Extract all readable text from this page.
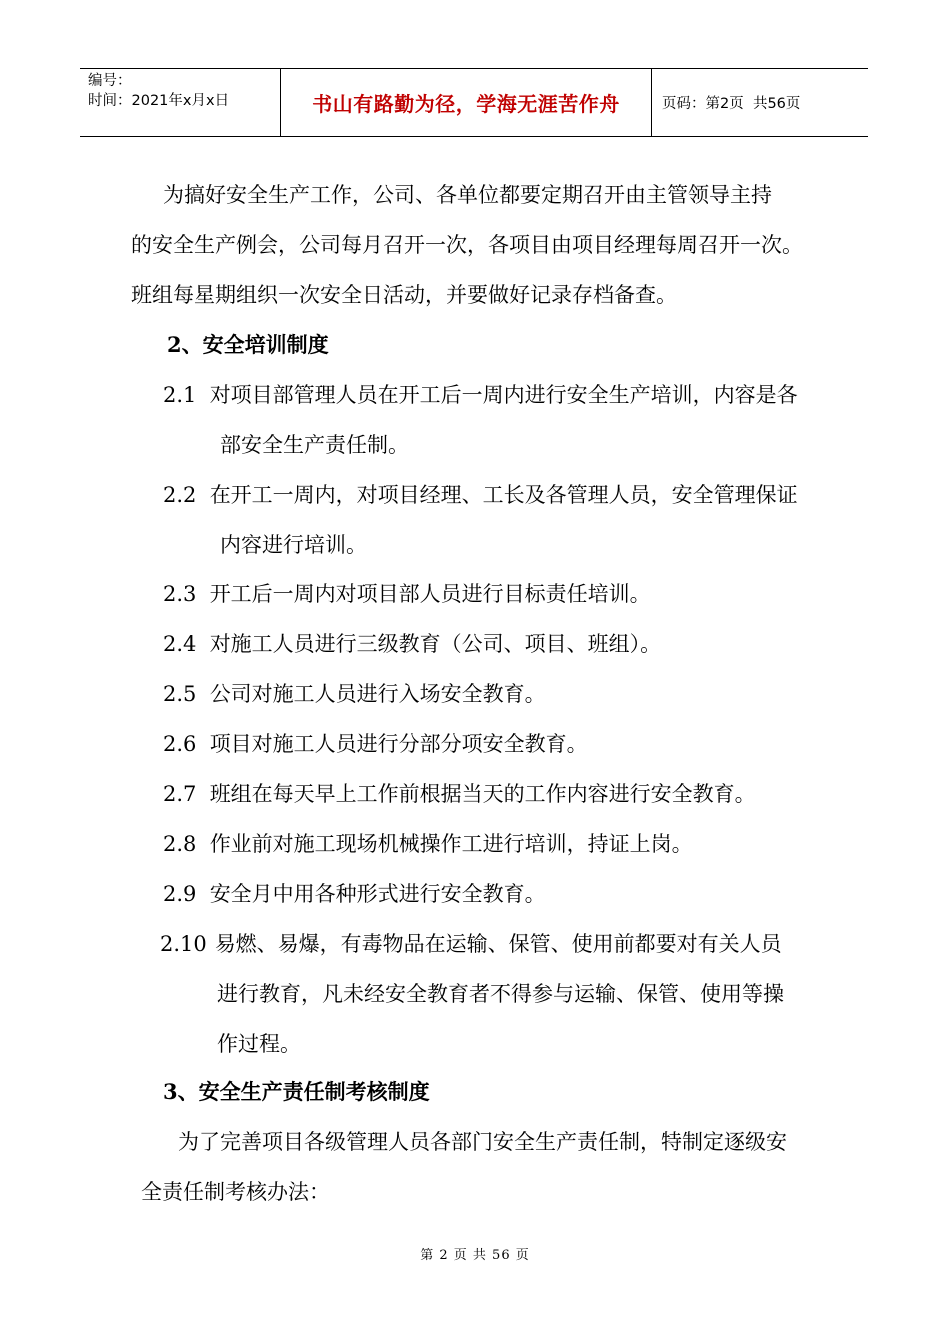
编号：
时间：2021年x月x日	书山有路勤为径，学海无涯苦作舟	页码：第2页  共56页
为搞好安全生产工作，公司、各单位都要定期召开由主管领导主持
的安全生产例会，公司每月召开一次，各项目由项目经理每周召开一次。
班组每星期组织一次安全日活动，并要做好记录存档备查。
2、安全培训制度
2.1 对项目部管理人员在开工后一周内进行安全生产培训，内容是各
部安全生产责任制。
2.2 在开工一周内，对项目经理、工长及各管理人员，安全管理保证
内容进行培训。
2.3 开工后一周内对项目部人员进行目标责任培训。
2.4 对施工人员进行三级教育（公司、项目、班组）。
2.5 公司对施工人员进行入场安全教育。
2.6 项目对施工人员进行分部分项安全教育。
2.7 班组在每天早上工作前根据当天的工作内容进行安全教育。
2.8 作业前对施工现场机械操作工进行培训，持证上岗。
2.9 安全月中用各种形式进行安全教育。
2.10 易燃、易爆，有毒物品在运输、保管、使用前都要对有关人员
进行教育，凡未经安全教育者不得参与运输、保管、使用等操
作过程。
3、安全生产责任制考核制度
为了完善项目各级管理人员各部门安全生产责任制，特制定逐级安
全责任制考核办法：
第 2 页 共 56 页
